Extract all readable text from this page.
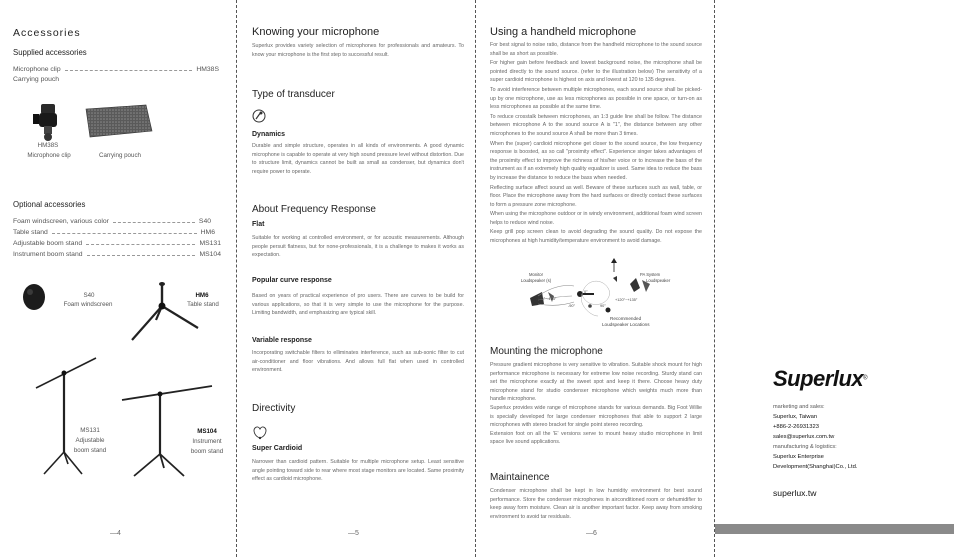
Accessories
Supplied accessories
Microphone clip	HM38S
Carrying pouch
HM38S
Microphone clip	Carrying pouch
Optional accessories
Foam windscreen, various color	S40
Table stand	HM6
Adjustable boom stand	MS131
Instrument boom stand	MS104
S40
Foam windscreen
HM6
Table stand
MS131
Adjustable
boom stand
MS104
Instrument
boom stand
—4
Knowing your microphone
Superlux provides variety selection of microphones for professionals and amateurs. To know your microphone is the first step to successful result.
Type of transducer
Dynamics
Durable and simple structure, operates in all kinds of environments. A good dynamic microphone is capable to operate at very high sound pressure level without distortion. Due to structure limit, dynamics cannot be built as small as condenser, but dynamics don't require power to operate.
About Frequency Response
Flat
Suitable for working at controlled environment, or for acoustic measurements. Although people persuit flatness, but for none-professionals, it is a challenge to makes it works as expectation.
Popular curve response
Based on years of practical experience of pro users. There are curves to be build for various applications, so that it is very simple to use the microphone for the purpose. Limiting bandwidth, and emphasizing are typical skill.
Variable response
Incorporating switchable filters to elliminates interference, such as sub-sonic filter to cut air-conditioner and floor vibrations. And allows full flat when used in controlled environment.
Directivity
Super Cardioid
Narrower than cardioid pattern. Suitable for multiple microphone setup. Least sensitive angle pointing toward side to rear where most stage monitors are located. Same proximity effect as cardioid microphone.
—5
Using a handheld microphone

For best signal to noise ratio, distance from the handheld microphone to the sound source shall be as short as possible.

For higher gain before feedback and lowest background noise, the microphone shall be pointed directly to the sound source. (refer to the illustration below) The sensitivity of a super cardioid microphone is highest on axis and lowest at 120 to 135 degrees.

To avoid interference between multiple microphones, each sound source shall be picked-up by one microphone, use as less microphones as possible in one space, or turn-on as less microphones as possible at the same time.

To reduce crosstalk between microphones, an 1:3 guide line shall be follow. The distance between microphone A to the sound source A is "1", the distance between any other microphones to the sound source A shall be more than 3 times.

When the (super) cardioid microphone get closer to the sound source, the low frequency response is boosted, as so call "proximity effect". Experience singer takes advantages of the proximity effect to improve the richness of his/her voice or to increase the bass of the instrument as if an extremely high quality equalizer is used. Same idea to reduce the bass by increase the distance to reduce the bass when needed.

Reflecting surface affect sound as well. Beware of these surfaces such as wall, table, or floor. Place the microphone away from the hard surfaces or directly contact these surfaces to form a pressure zone microphone.

When using the microphone outdoor or in windy environment, additional foam wind screen helps to reduce wind noise.

Keep grill pop screen clean to avoid degrading the sound quality. Do not expose the microphones at high humidity/temperature environment to avoid damage.

Monitor
Loudspeaker (s)
PA System
Loudspeaker
-120°~-135°	+120°~+135°
-90°	90°
0°
Recommended
Loudspeaker Locations
Mounting the microphone

Pressure gradient microphone is very sensitive to vibration. Suitable shock mount for high performance microphone is necessary for extreme low noise recording. Sturdy stand can set the microphone exactly at the sweet spot and keep it there. Choose heavy duty microphone stand for studio condenser microphone which weights much more than handle microphone.

Superlux provides wide range of microphone stands for various demands. Big Foot Willie is specially developed for large condenser microphones that able to support 2 large microphones with stereo bracket for single point stereo recording.

Extension foot on all the 'E' versions serve to mount heavy studio microphone in limit space live sound applications.

Maintainence
Condenser microphone shall be kept in low humidity environment for best sound performance. Store the condenser microphones in airconditioned room or dehumidifier to keep away form moisture. Clean air is another important factor. Keep away from smoking environment to avoid tar residuals.
—6
Superlux®
marketing and sales:
Superlux, Taiwan
+886-2-26931323
sales@superlux.com.tw
manufacturing & logistics:
Superlux Enterprise
Development(Shanghai)Co., Ltd.
superlux.tw
